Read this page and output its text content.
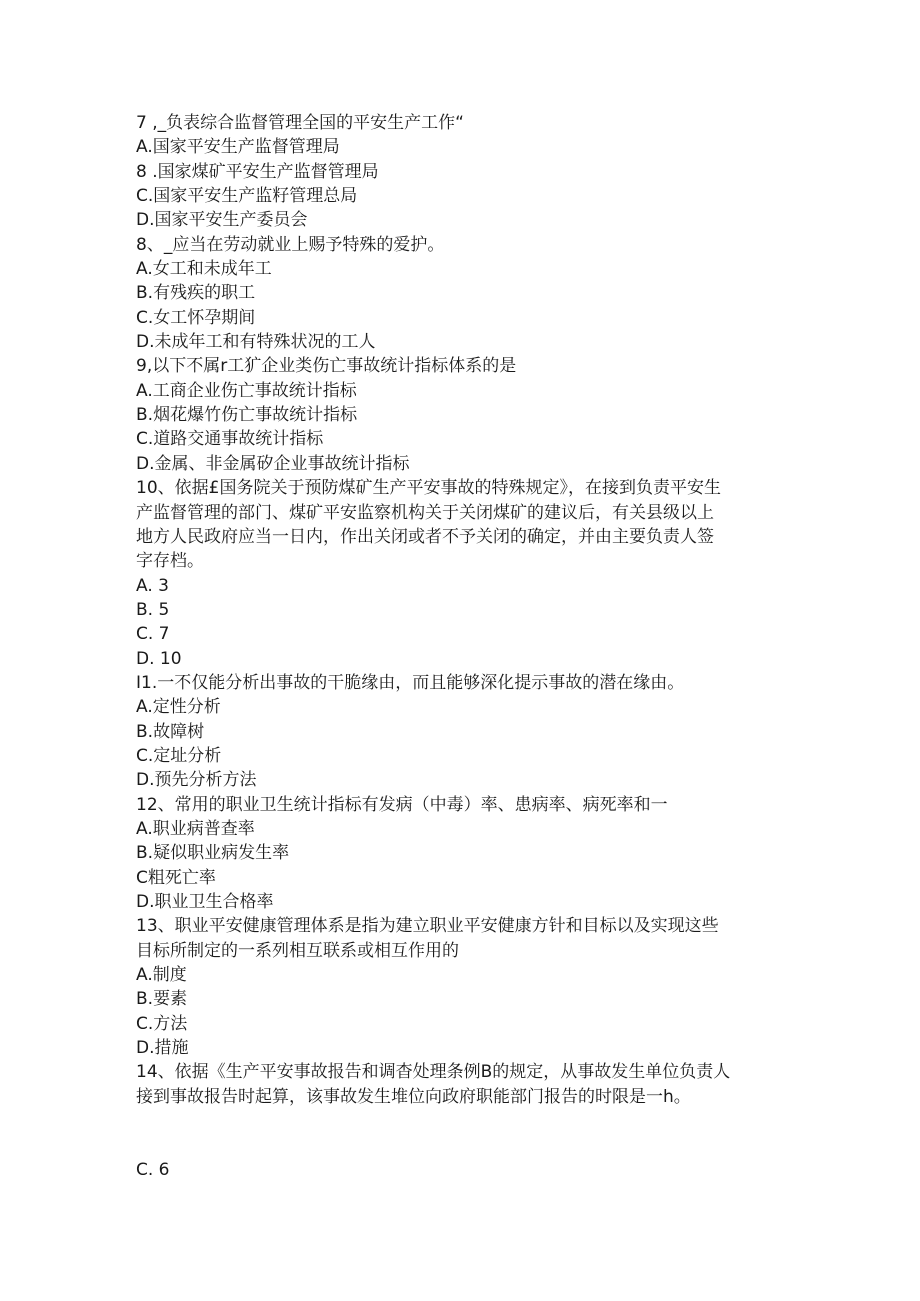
7 ,_负表综合监督管理全国的平安生产工作“
A.国家平安生产监督管理局
8 .国家煤矿平安生产监督管理局
C.国家平安生产监籽管理总局
D.国家平安生产委员会
8、_应当在劳动就业上赐予特殊的爱护。
A.女工和未成年工
B.有残疾的职工
C.女工怀孕期间
D.未成年工和有特殊状况的工人
9,以下不属r工犷企业类伤亡事故统计指标体系的是
A.工商企业伤亡事故统计指标
B.烟花爆竹伤亡事故统计指标
C.道路交通事故统计指标
D.金属、非金属矽企业事故统计指标
10、依据£国务院关于预防煤矿生产平安事故的特殊规定》，在接到负责平安生
产监督管理的部门、煤矿平安监察机构关于关闭煤矿的建议后，有关县级以上
地方人民政府应当一日内，作出关闭或者不予关闭的确定，并由主要负责人签
字存档。
A. 3
B. 5
C. 7
D. 10
I1.一不仅能分析出事故的干脆缘由，而且能够深化提示事故的潜在缘由。
A.定性分析
B.故障树
C.定址分析
D.预先分析方法
12、常用的职业卫生统计指标有发病（中毒）率、患病率、病死率和一
A.职业病普查率
B.疑似职业病发生率
C粗死亡率
D.职业卫生合格率
13、职业平安健康管理体系是指为建立职业平安健康方针和目标以及实现这些
目标所制定的一系列相互联系或相互作用的
A.制度
B.要素
C.方法
D.措施
14、依据《生产平安事故报告和调杳处理条例B的规定，从事故发生单位负责人
接到事故报告时起算，该事故发生堆位向政府职能部门报告的时限是一h。
C. 6
